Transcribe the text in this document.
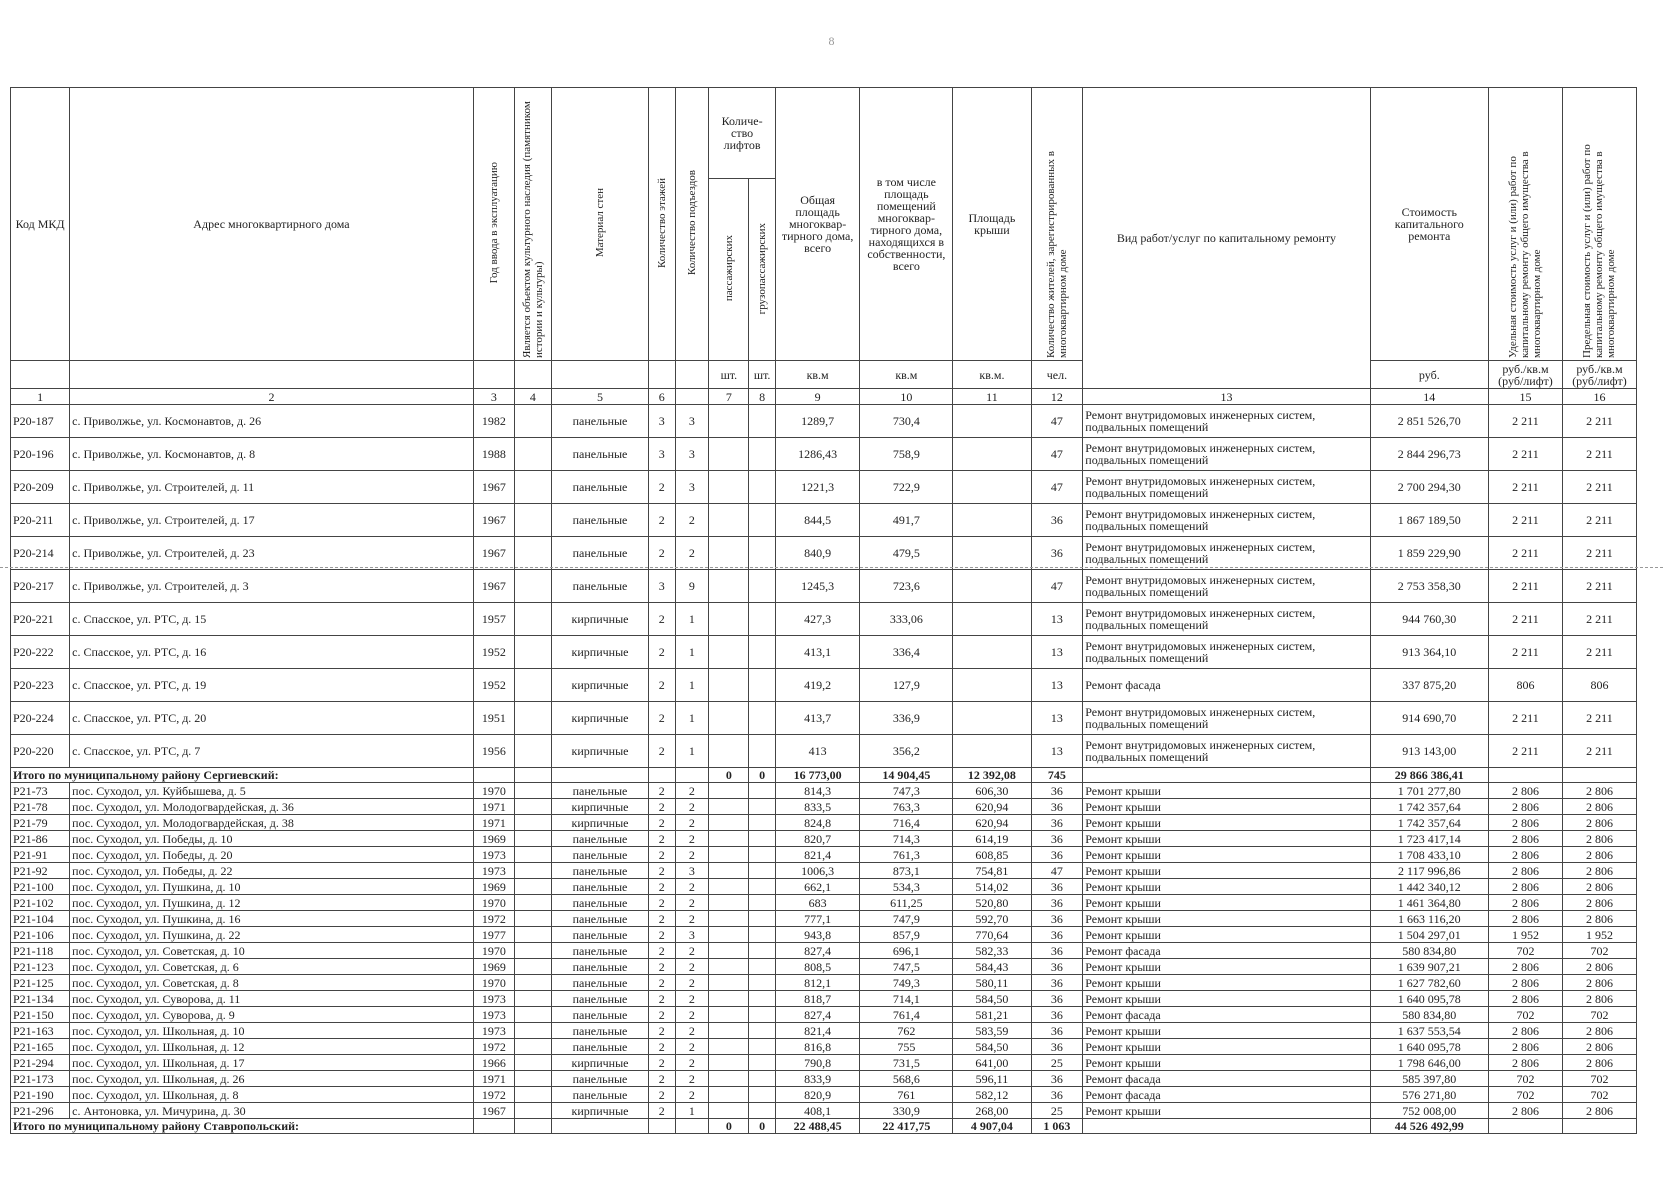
8
Код МКД	Адрес многоквартирного дома	Год ввода в эксплуатацию	Является объектом культурного наследия (памятником истории и культуры)	Материал стен	Количество этажей	Количество подъездов	Количе-ство лифтов		Общая площадь многоквар-тирного дома, всего	в том числе площадь помещений многоквар-тирного дома, находящихся в собственности, всего	Площадь крыши	Количество жителей, зарегистрированных в многоквартирном доме	Вид работ/услуг по капитальному ремонту	Стоимость капитального ремонта	Удельная стоимость услуг и (или) работ по капитальному ремонту общего имущества в многоквартирном доме	Предельная стоимость услуг и (или) работ по капитальному ремонту общего имущества в многоквартирном доме
							пассажирских	грузопассажирских								
							шт.	шт.	кв.м	кв.м	кв.м.	чел.		руб.	руб./кв.м (руб/лифт)	руб./кв.м (руб/лифт)
1	2	3	4	5	6		7	8	9	10	11	12	13	14	15	16
Р20-187	с. Приволжье, ул. Космонавтов, д. 26	1982		панельные	3	3			1289,7	730,4		47	Ремонт внутридомовых инженерных систем, подвальных помещений	2 851 526,70	2 211	2 211
Р20-196	с. Приволжье, ул. Космонавтов, д. 8	1988		панельные	3	3			1286,43	758,9		47	Ремонт внутридомовых инженерных систем, подвальных помещений	2 844 296,73	2 211	2 211
Р20-209	с. Приволжье, ул. Строителей, д. 11	1967		панельные	2	3			1221,3	722,9		47	Ремонт внутридомовых инженерных систем, подвальных помещений	2 700 294,30	2 211	2 211
Р20-211	с. Приволжье, ул. Строителей, д. 17	1967		панельные	2	2			844,5	491,7		36	Ремонт внутридомовых инженерных систем, подвальных помещений	1 867 189,50	2 211	2 211
Р20-214	с. Приволжье, ул. Строителей, д. 23	1967		панельные	2	2			840,9	479,5		36	Ремонт внутридомовых инженерных систем, подвальных помещений	1 859 229,90	2 211	2 211
Р20-217	с. Приволжье, ул. Строителей, д. 3	1967		панельные	3	9			1245,3	723,6		47	Ремонт внутридомовых инженерных систем, подвальных помещений	2 753 358,30	2 211	2 211
Р20-221	с. Спасское, ул. РТС, д. 15	1957		кирпичные	2	1			427,3	333,06		13	Ремонт внутридомовых инженерных систем, подвальных помещений	944 760,30	2 211	2 211
Р20-222	с. Спасское, ул. РТС, д. 16	1952		кирпичные	2	1			413,1	336,4		13	Ремонт внутридомовых инженерных систем, подвальных помещений	913 364,10	2 211	2 211
Р20-223	с. Спасское, ул. РТС, д. 19	1952		кирпичные	2	1			419,2	127,9		13	Ремонт фасада	337 875,20	806	806
Р20-224	с. Спасское, ул. РТС, д. 20	1951		кирпичные	2	1			413,7	336,9		13	Ремонт внутридомовых инженерных систем, подвальных помещений	914 690,70	2 211	2 211
Р20-220	с. Спасское, ул. РТС, д. 7	1956		кирпичные	2	1			413	356,2		13	Ремонт внутридомовых инженерных систем, подвальных помещений	913 143,00	2 211	2 211
Итого по муниципальному району Сергиевский:							0	0	16 773,00	14 904,45	12 392,08	745		29 866 386,41		
Р21-73	пос. Суходол, ул. Куйбышева, д. 5	1970		панельные	2	2			814,3	747,3	606,30	36	Ремонт крыши	1 701 277,80	2 806	2 806
Р21-78	пос. Суходол, ул. Молодогвардейская, д. 36	1971		кирпичные	2	2			833,5	763,3	620,94	36	Ремонт крыши	1 742 357,64	2 806	2 806
Р21-79	пос. Суходол, ул. Молодогвардейская, д. 38	1971		кирпичные	2	2			824,8	716,4	620,94	36	Ремонт крыши	1 742 357,64	2 806	2 806
Р21-86	пос. Суходол, ул. Победы, д. 10	1969		панельные	2	2			820,7	714,3	614,19	36	Ремонт крыши	1 723 417,14	2 806	2 806
Р21-91	пос. Суходол, ул. Победы, д. 20	1973		панельные	2	2			821,4	761,3	608,85	36	Ремонт крыши	1 708 433,10	2 806	2 806
Р21-92	пос. Суходол, ул. Победы, д. 22	1973		панельные	2	3			1006,3	873,1	754,81	47	Ремонт крыши	2 117 996,86	2 806	2 806
Р21-100	пос. Суходол, ул. Пушкина, д. 10	1969		панельные	2	2			662,1	534,3	514,02	36	Ремонт крыши	1 442 340,12	2 806	2 806
Р21-102	пос. Суходол, ул. Пушкина, д. 12	1970		панельные	2	2			683	611,25	520,80	36	Ремонт крыши	1 461 364,80	2 806	2 806
Р21-104	пос. Суходол, ул. Пушкина, д. 16	1972		панельные	2	2			777,1	747,9	592,70	36	Ремонт крыши	1 663 116,20	2 806	2 806
Р21-106	пос. Суходол, ул. Пушкина, д. 22	1977		панельные	2	3			943,8	857,9	770,64	36	Ремонт крыши	1 504 297,01	1 952	1 952
Р21-118	пос. Суходол, ул. Советская, д. 10	1970		панельные	2	2			827,4	696,1	582,33	36	Ремонт фасада	580 834,80	702	702
Р21-123	пос. Суходол, ул. Советская, д. 6	1969		панельные	2	2			808,5	747,5	584,43	36	Ремонт крыши	1 639 907,21	2 806	2 806
Р21-125	пос. Суходол, ул. Советская, д. 8	1970		панельные	2	2			812,1	749,3	580,11	36	Ремонт крыши	1 627 782,60	2 806	2 806
Р21-134	пос. Суходол, ул. Суворова, д. 11	1973		панельные	2	2			818,7	714,1	584,50	36	Ремонт крыши	1 640 095,78	2 806	2 806
Р21-150	пос. Суходол, ул. Суворова, д. 9	1973		панельные	2	2			827,4	761,4	581,21	36	Ремонт фасада	580 834,80	702	702
Р21-163	пос. Суходол, ул. Школьная, д. 10	1973		панельные	2	2			821,4	762	583,59	36	Ремонт крыши	1 637 553,54	2 806	2 806
Р21-165	пос. Суходол, ул. Школьная, д. 12	1972		панельные	2	2			816,8	755	584,50	36	Ремонт крыши	1 640 095,78	2 806	2 806
Р21-294	пос. Суходол, ул. Школьная, д. 17	1966		кирпичные	2	2			790,8	731,5	641,00	25	Ремонт крыши	1 798 646,00	2 806	2 806
Р21-173	пос. Суходол, ул. Школьная, д. 26	1971		панельные	2	2			833,9	568,6	596,11	36	Ремонт фасада	585 397,80	702	702
Р21-190	пос. Суходол, ул. Школьная, д. 8	1972		панельные	2	2			820,9	761	582,12	36	Ремонт фасада	576 271,80	702	702
Р21-296	с. Антоновка, ул. Мичурина, д. 30	1967		кирпичные	2	1			408,1	330,9	268,00	25	Ремонт крыши	752 008,00	2 806	2 806
Итого по муниципальному району Ставропольский:							0	0	22 488,45	22 417,75	4 907,04	1 063		44 526 492,99		
